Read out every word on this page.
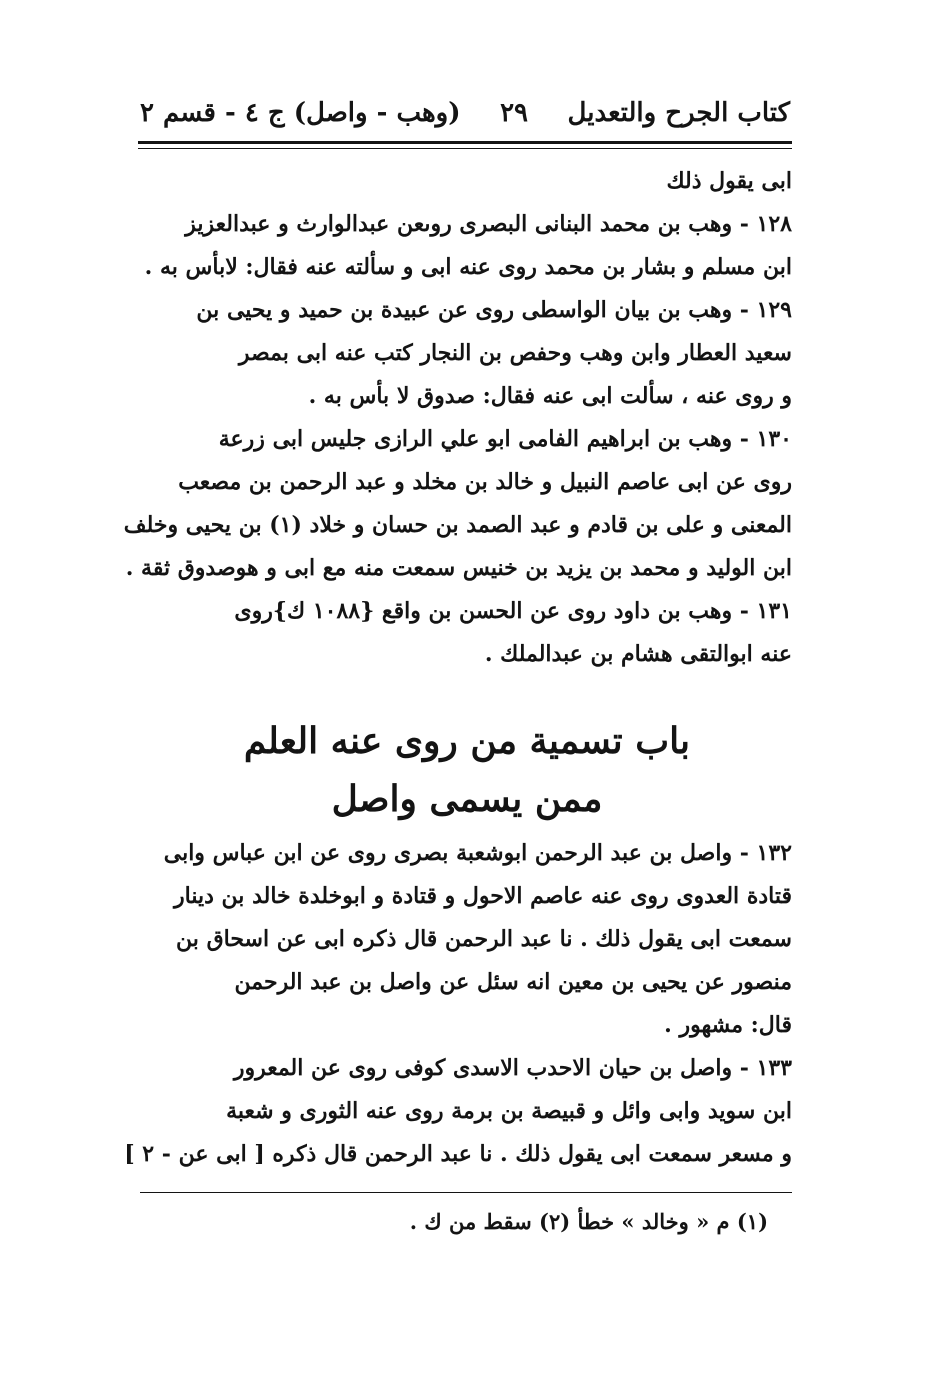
كتاب الجرح والتعديل
٢٩
(وهب - واصل) ج ٤ - قسم ٢
ابى يقول ذلك
١٢٨ - وهب بن محمد البنانى البصرى روىعن عبدالوارث و عبدالعزيز
ابن مسلم و بشار بن محمد روى عنه ابى و سألته عنه فقال: لابأس به .
١٢٩ - وهب بن بيان الواسطى روى عن عبيدة بن حميد و يحيى بن
سعيد العطار وابن وهب وحفص بن النجار كتب عنه ابى بمصر
و روى عنه ، سألت ابى عنه فقال: صدوق لا بأس به .
١٣٠ - وهب بن ابراهيم الفامى ابو علي الرازى جليس ابى زرعة
روى عن ابى عاصم النبيل و خالد بن مخلد و عبد الرحمن بن مصعب
المعنى و على بن قادم و عبد الصمد بن حسان و خلاد (١) بن يحيى وخلف
ابن الوليد و محمد بن يزيد بن خنيس سمعت منه مع ابى و هوصدوق ثقة .
١٣١ - وهب بن داود روى عن الحسن بن واقع {١٠٨٨ ك}روى
عنه ابوالتقى هشام بن عبدالملك .
باب تسمية من روى عنه العلم
ممن يسمى واصل
١٣٢ - واصل بن عبد الرحمن ابوشعبة بصرى روى عن ابن عباس وابى
قتادة العدوى روى عنه عاصم الاحول و قتادة و ابوخلدة خالد بن دينار
سمعت ابى يقول ذلك . نا عبد الرحمن قال ذكره ابى عن اسحاق بن
منصور عن يحيى بن معين انه سئل عن واصل بن عبد الرحمن
قال: مشهور .
١٣٣ - واصل بن حيان الاحدب الاسدى كوفى روى عن المعرور
ابن سويد وابى وائل و قبيصة بن برمة روى عنه الثورى و شعبة
و مسعر سمعت ابى يقول ذلك . نا عبد الرحمن قال ذكره [ ابى عن - ٢ ]
(١) م « وخالد » خطأ (٢) سقط من ك .
